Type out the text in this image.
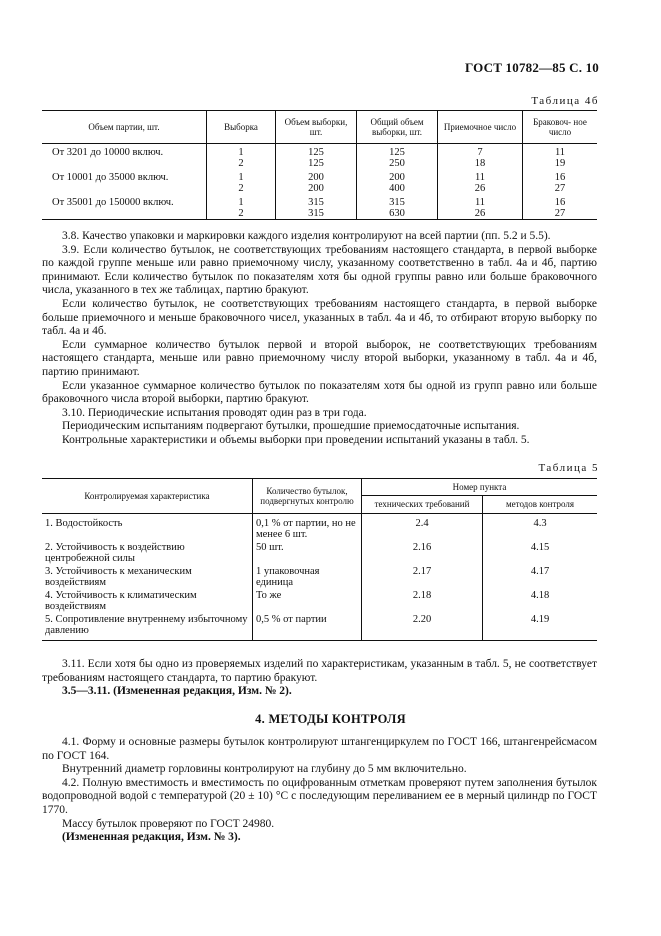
ГОСТ 10782—85 С. 10
Таблица 4б
Объем партии, шт.	Выборка	Объем выборки, шт.	Общий объем выборки, шт.	Приемочное число	Браковоч- ное число
От 3201 до 10000 включ.	1	125	125	7	11
	2	125	250	18	19
От 10001 до 35000 включ.	1	200	200	11	16
	2	200	400	26	27
От 35001 до 150000 включ.	1	315	315	11	16
	2	315	630	26	27

3.8. Качество упаковки и маркировки каждого изделия контролируют на всей партии (пп. 5.2 и 5.5).

3.9. Если количество бутылок, не соответствующих требованиям настоящего стандарта, в первой выборке по каждой группе меньше или равно приемочному числу, указанному соответственно в табл. 4а и 4б, партию принимают. Если количество бутылок по показателям хотя бы одной группы равно или больше браковочного числа, указанного в тех же таблицах, партию бракуют.

Если количество бутылок, не соответствующих требованиям настоящего стандарта, в первой выборке больше приемочного и меньше браковочного чисел, указанных в табл. 4а и 4б, то отбирают вторую выборку по табл. 4а и 4б.

Если суммарное количество бутылок первой и второй выборок, не соответствующих требованиям настоящего стандарта, меньше или равно приемочному числу второй выборки, указанному в табл. 4а и 4б, партию принимают.

Если указанное суммарное количество бутылок по показателям хотя бы одной из групп равно или больше браковочного числа второй выборки, партию бракуют.

3.10. Периодические испытания проводят один раз в три года.

Периодическим испытаниям подвергают бутылки, прошедшие приемосдаточные испытания.

Контрольные характеристики и объемы выборки при проведении испытаний указаны в табл. 5.

Таблица 5
Контролируемая характеристика	Количество бутылок, подвергнутых контролю	Номер пункта	
		технических требований	методов контроля
1. Водостойкость	0,1 % от партии, но не менее 6 шт.	2.4	4.3
2. Устойчивость к воздействию центробежной силы	50 шт.	2.16	4.15
3. Устойчивость к механическим воздействиям	1 упаковочная единица	2.17	4.17
4. Устойчивость к климатическим воздействиям	То же	2.18	4.18
5. Сопротивление внутреннему избыточному давлению	0,5 % от партии	2.20	4.19

3.11. Если хотя бы одно из проверяемых изделий по характеристикам, указанным в табл. 5, не соответствует требованиям настоящего стандарта, то партию бракуют.

3.5—3.11. (Измененная редакция, Изм. № 2).

4. МЕТОДЫ КОНТРОЛЯ

4.1. Форму и основные размеры бутылок контролируют штангенциркулем по ГОСТ 166, штангенрейсмасом по ГОСТ 164.

Внутренний диаметр горловины контролируют на глубину до 5 мм включительно.

4.2. Полную вместимость и вместимость по оцифрованным отметкам проверяют путем заполнения бутылок водопроводной водой с температурой (20 ± 10) °С с последующим переливанием ее в мерный цилиндр по ГОСТ 1770.

Массу бутылок проверяют по ГОСТ 24980.

(Измененная редакция, Изм. № 3).
